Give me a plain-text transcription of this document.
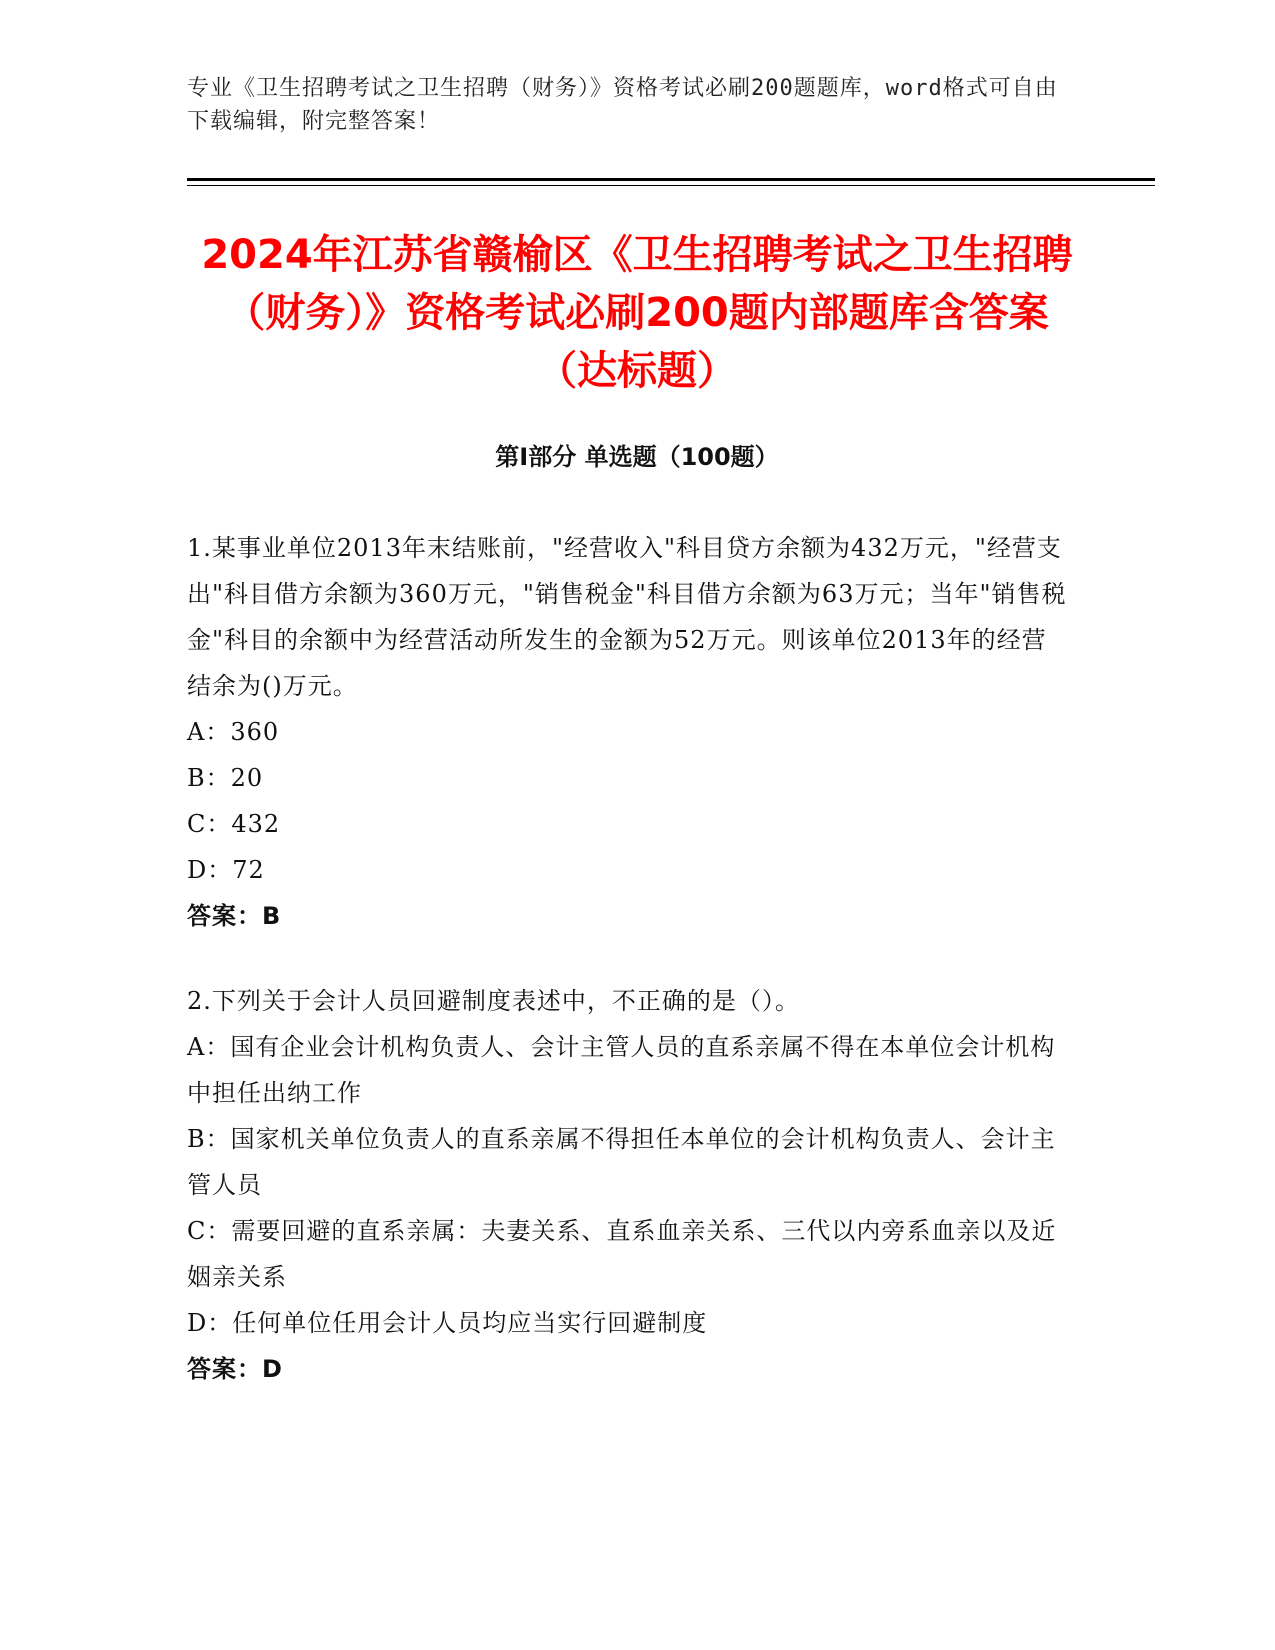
专业《卫生招聘考试之卫生招聘（财务）》资格考试必刷200题题库，word格式可自由下载编辑，附完整答案！
2024年江苏省赣榆区《卫生招聘考试之卫生招聘（财务）》资格考试必刷200题内部题库含答案（达标题）
第I部分 单选题（100题）

1.某事业单位2013年末结账前，"经营收入"科目贷方余额为432万元，"经营支出"科目借方余额为360万元，"销售税金"科目借方余额为63万元；当年"销售税金"科目的余额中为经营活动所发生的金额为52万元。则该单位2013年的经营结余为()万元。

A：360

B：20

C：432

D：72

答案：B

2.下列关于会计人员回避制度表述中，不正确的是（）。

A：国有企业会计机构负责人、会计主管人员的直系亲属不得在本单位会计机构中担任出纳工作

B：国家机关单位负责人的直系亲属不得担任本单位的会计机构负责人、会计主管人员

C：需要回避的直系亲属：夫妻关系、直系血亲关系、三代以内旁系血亲以及近姻亲关系

D：任何单位任用会计人员均应当实行回避制度

答案：D
